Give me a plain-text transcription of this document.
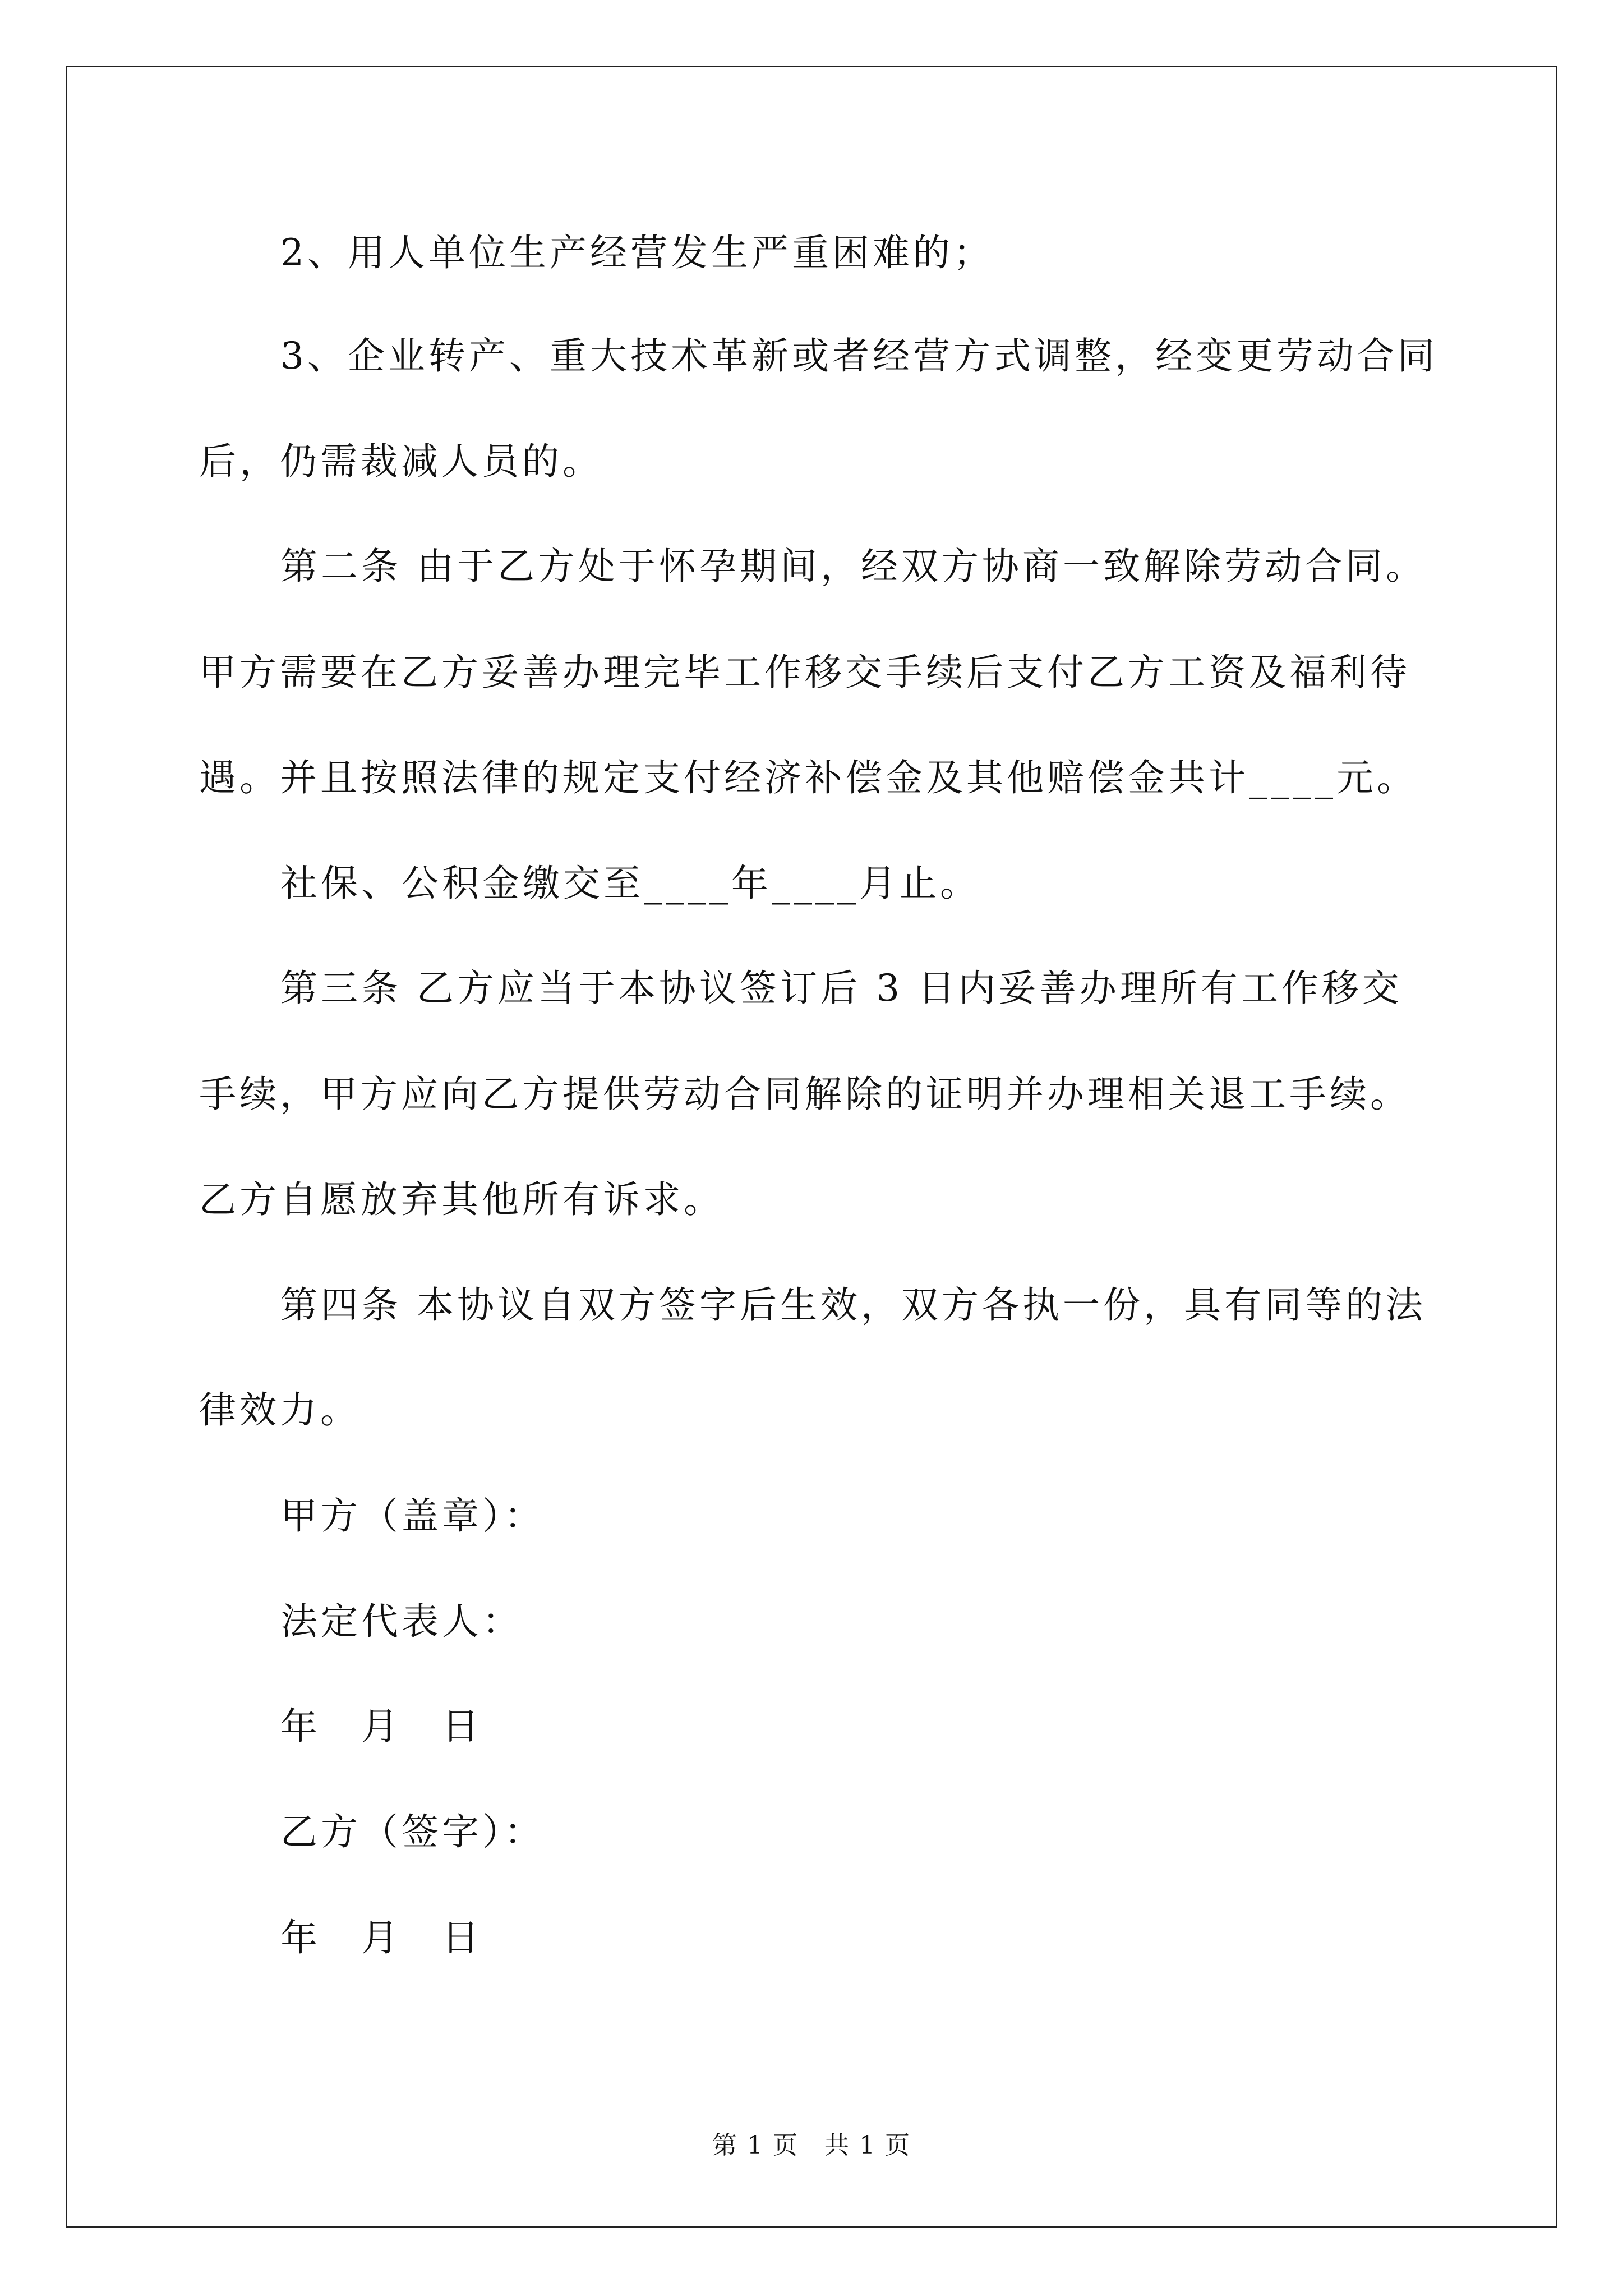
2、用人单位生产经营发生严重困难的；
3、企业转产、重大技术革新或者经营方式调整，经变更劳动合同
后，仍需裁减人员的。
第二条 由于乙方处于怀孕期间，经双方协商一致解除劳动合同。
甲方需要在乙方妥善办理完毕工作移交手续后支付乙方工资及福利待
遇。并且按照法律的规定支付经济补偿金及其他赔偿金共计____元。
社保、公积金缴交至____年____月止。
第三条 乙方应当于本协议签订后 3 日内妥善办理所有工作移交
手续，甲方应向乙方提供劳动合同解除的证明并办理相关退工手续。
乙方自愿放弃其他所有诉求。
第四条 本协议自双方签字后生效，双方各执一份，具有同等的法
律效力。
甲方（盖章）：
法定代表人：
年　月　日
乙方（签字）：
年　月　日
第 1 页　共 1 页
